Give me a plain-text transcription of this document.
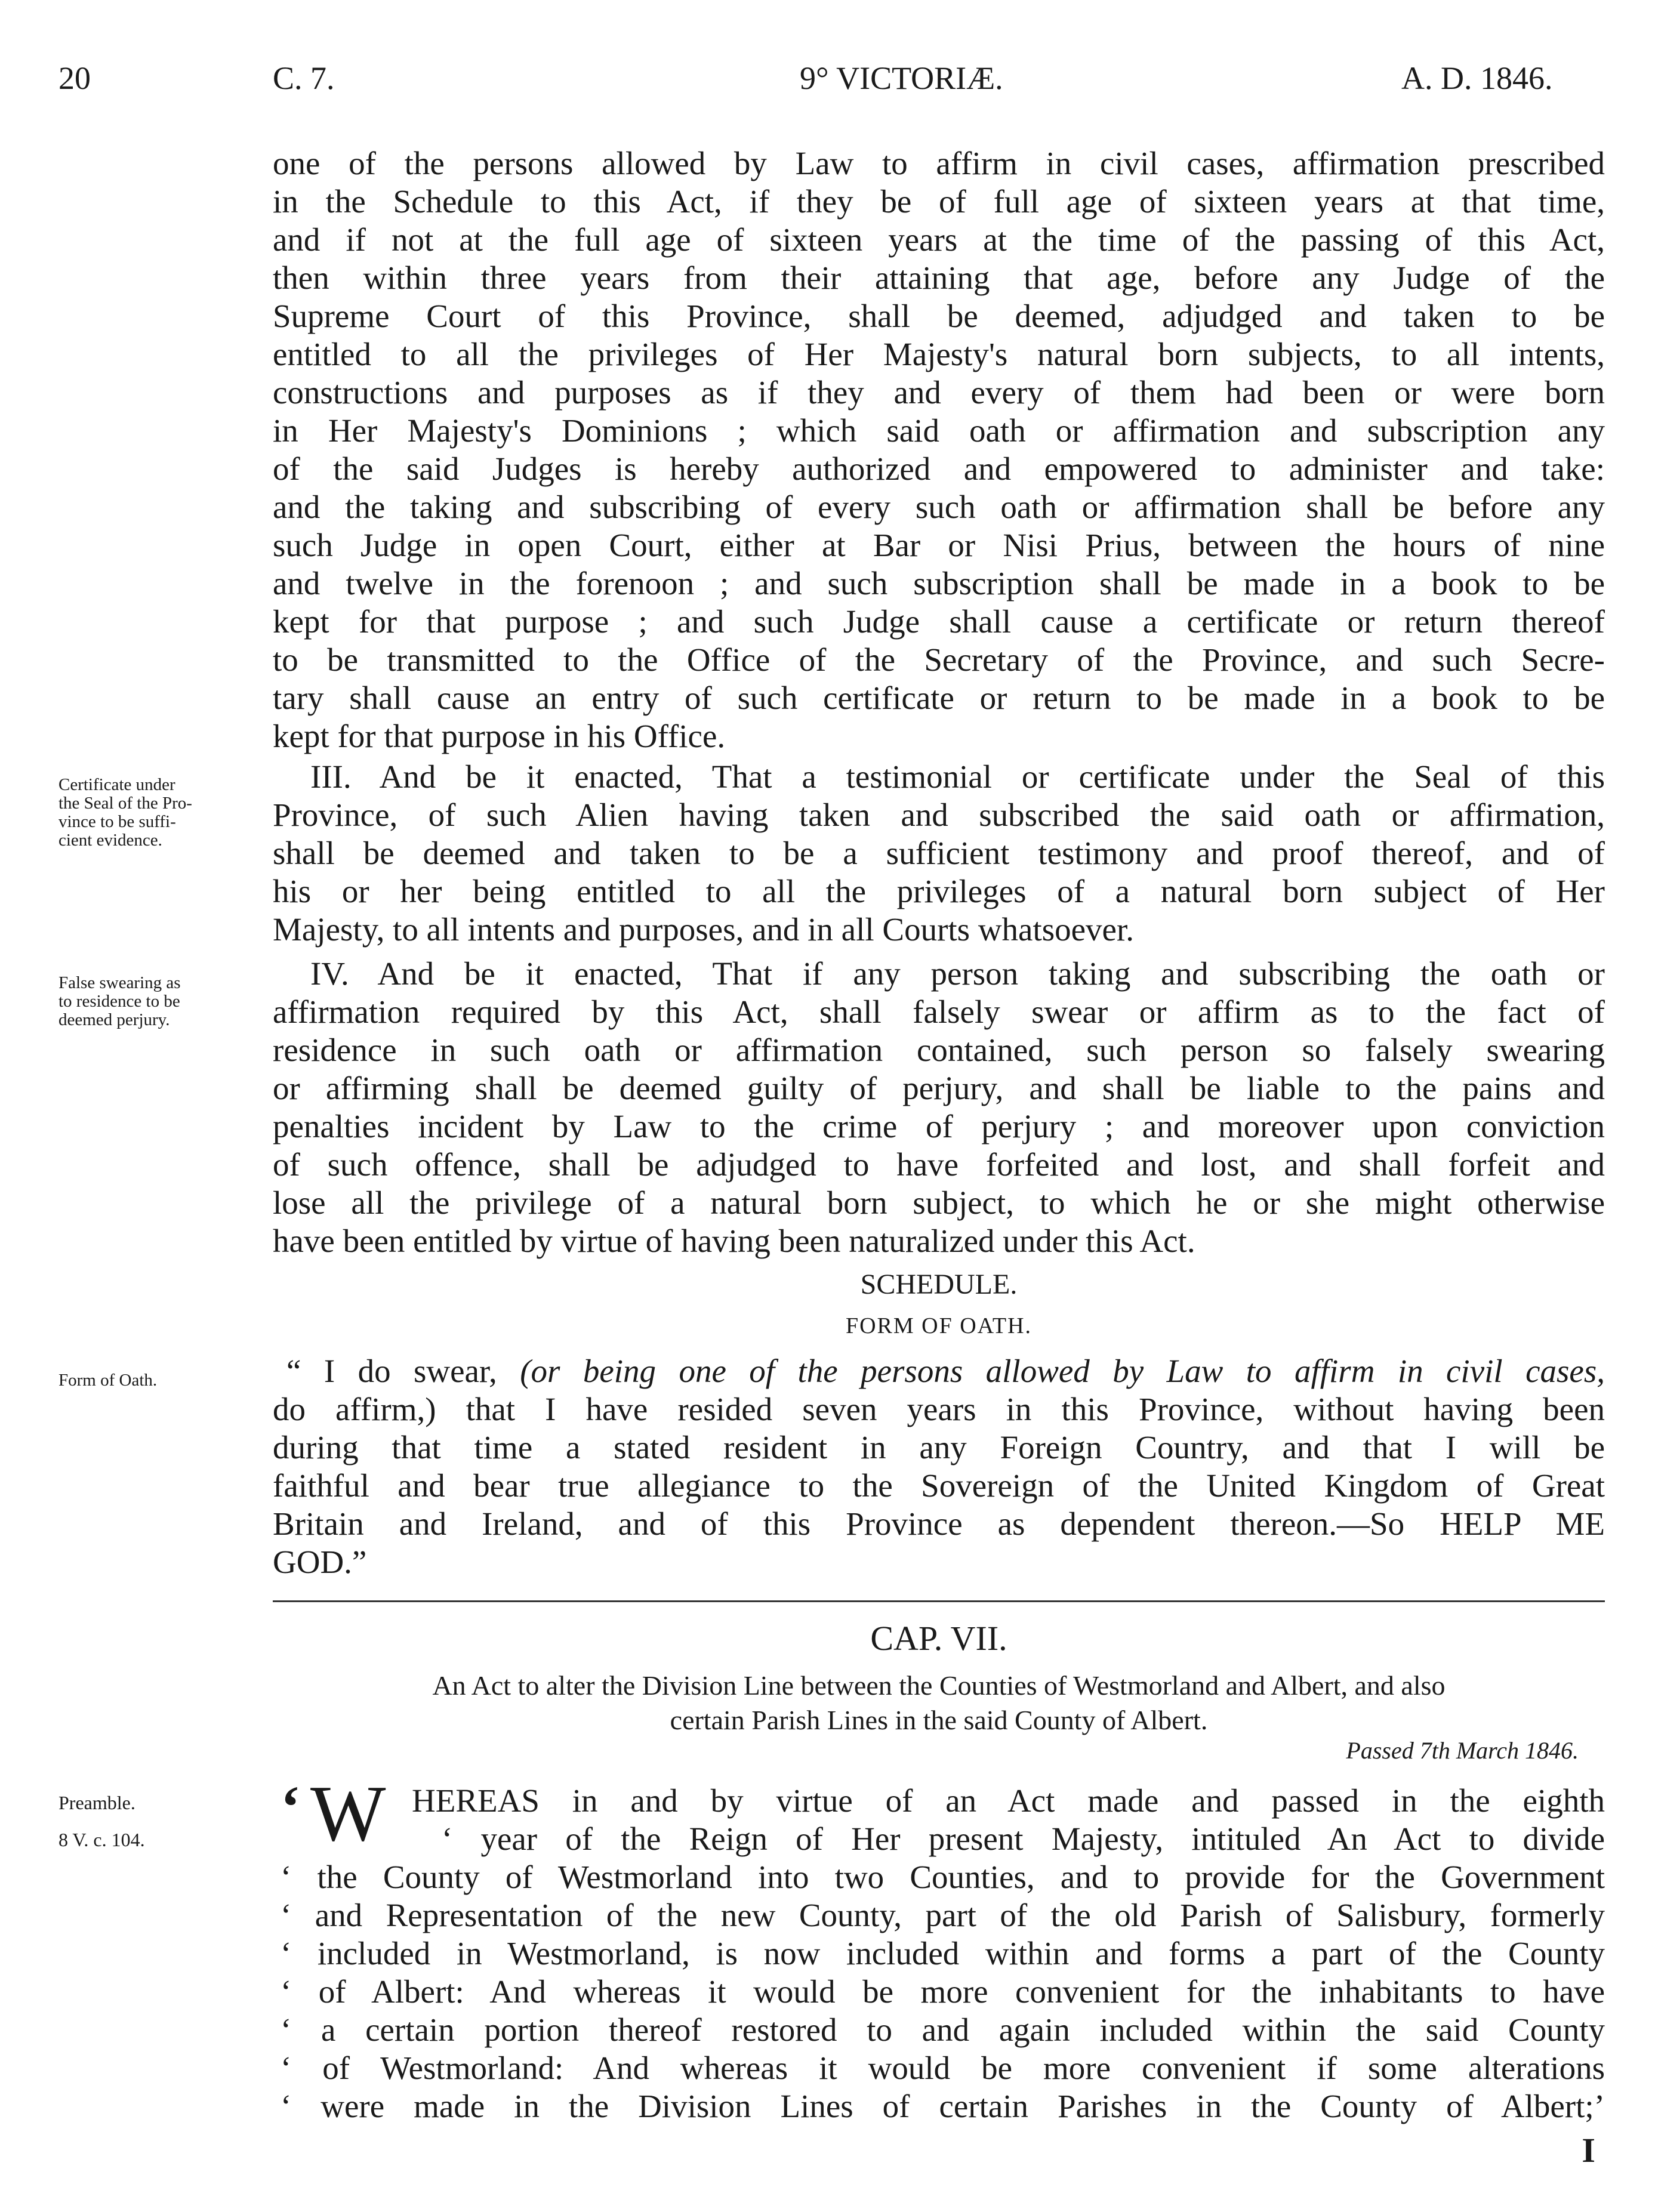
20	C. 7.	9° VICTORIÆ.	A. D. 1846.
one of the persons allowed by Law to affirm in civil cases, affirmation prescribed
in the Schedule to this Act, if they be of full age of sixteen years at that time,
and if not at the full age of sixteen years at the time of the passing of this Act,
then within three years from their attaining that age, before any Judge of the
Supreme Court of this Province, shall be deemed, adjudged and taken to be
entitled to all the privileges of Her Majesty's natural born subjects, to all intents,
constructions and purposes as if they and every of them had been or were born
in Her Majesty's Dominions ; which said oath or affirmation and subscription any
of the said Judges is hereby authorized and empowered to administer and take:
and the taking and subscribing of every such oath or affirmation shall be before any
such Judge in open Court, either at Bar or Nisi Prius, between the hours of nine
and twelve in the forenoon ; and such subscription shall be made in a book to be
kept for that purpose ; and such Judge shall cause a certificate or return thereof
to be transmitted to the Office of the Secretary of the Province, and such Secre-
tary shall cause an entry of such certificate or return to be made in a book to be
kept for that purpose in his Office.
Certificate under
the Seal of the Pro-
vince to be suffi-
cient evidence.
III. And be it enacted, That a testimonial or certificate under the Seal of this
Province, of such Alien having taken and subscribed the said oath or affirmation,
shall be deemed and taken to be a sufficient testimony and proof thereof, and of
his or her being entitled to all the privileges of a natural born subject of Her
Majesty, to all intents and purposes, and in all Courts whatsoever.
False swearing as
to residence to be
deemed perjury.
IV. And be it enacted, That if any person taking and subscribing the oath or
affirmation required by this Act, shall falsely swear or affirm as to the fact of
residence in such oath or affirmation contained, such person so falsely swearing
or affirming shall be deemed guilty of perjury, and shall be liable to the pains and
penalties incident by Law to the crime of perjury ; and moreover upon conviction
of such offence, shall be adjudged to have forfeited and lost, and shall forfeit and
lose all the privilege of a natural born subject, to which he or she might otherwise
have been entitled by virtue of having been naturalized under this Act.
SCHEDULE.
FORM OF OATH.
Form of Oath.	“ I do swear, (or being one of the persons allowed by Law to affirm in civil cases,
do affirm,) that I have resided seven years in this Province, without having been
during that time a stated resident in any Foreign Country, and that I will be
faithful and bear true allegiance to the Sovereign of the United Kingdom of Great
Britain and Ireland, and of this Province as dependent thereon.—So HELP ME
GOD.”
CAP. VII.
An Act to alter the Division Line between the Counties of Westmorland and Albert, and also
certain Parish Lines in the said County of Albert.
Passed 7th March 1846.
Preamble.
8 V. c. 104. ‘ W HEREAS in and by virtue of an Act made and passed in the eighth
‘ year of the Reign of Her present Majesty, intituled An Act to divide
‘ the County of Westmorland into two Counties, and to provide for the Government
‘ and Representation of the new County, part of the old Parish of Salisbury, formerly
‘ included in Westmorland, is now included within and forms a part of the County
‘ of Albert: And whereas it would be more convenient for the inhabitants to have
‘ a certain portion thereof restored to and again included within the said County
‘ of Westmorland: And whereas it would be more convenient if some alterations
‘ were made in the Division Lines of certain Parishes in the County of Albert;’
I
